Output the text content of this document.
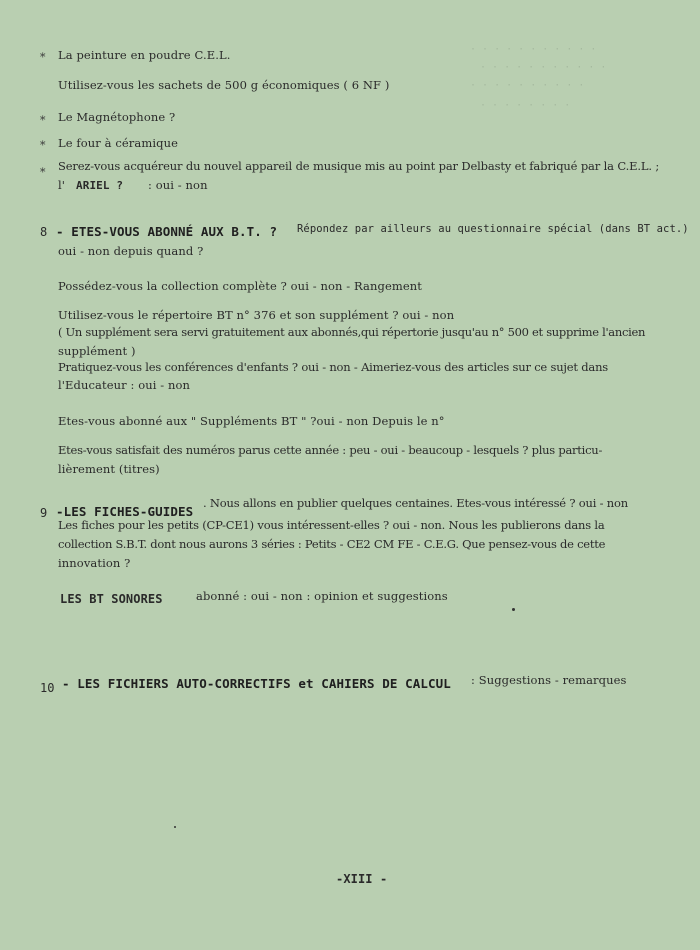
· · · · · · · · · · ·
· · · · · · · · · · ·
· · · · · · · · · ·
· · · · · · · ·
⁎ La peinture en poudre C.E.L.
Utilisez-vous les sachets de 500 g économiques ( 6 NF )
⁎ Le Magnétophone ?
⁎ Le four à céramique
⁎ Serez-vous acquéreur du nouvel appareil de musique mis au point par Delbasty et fabriqué par la C.E.L. ;
l' ARIEL ? : oui - non
8 - ETES-VOUS ABONNÉ AUX B.T. ? Répondez par ailleurs au questionnaire spécial (dans BT act.)
oui - non depuis quand ?
Possédez-vous la collection complète ? oui - non - Rangement
Utilisez-vous le répertoire BT n° 376 et son supplément ? oui - non
( Un supplément sera servi gratuitement aux abonnés,qui répertorie jusqu'au n° 500 et supprime l'ancien
supplément )
Pratiquez-vous les conférences d'enfants ? oui - non - Aimeriez-vous des articles sur ce sujet dans
l'Educateur : oui - non
Etes-vous abonné aux " Suppléments BT " ?oui - non Depuis le n°
Etes-vous satisfait des numéros parus cette année : peu - oui - beaucoup - lesquels ? plus particu-
lièrement (titres)
9 -LES FICHES-GUIDES
. Nous allons en publier quelques centaines. Etes-vous intéressé ? oui - non
Les fiches pour les petits (CP-CE1) vous intéressent-elles ? oui - non. Nous les publierons dans la
collection S.B.T. dont nous aurons 3 séries : Petits - CE2 CM FE - C.E.G. Que pensez-vous de cette
innovation ?
LES BT SONORES	abonné : oui - non : opinion et suggestions
10 - LES FICHIERS AUTO-CORRECTIFS et CAHIERS DE CALCUL : Suggestions - remarques
-XIII -
